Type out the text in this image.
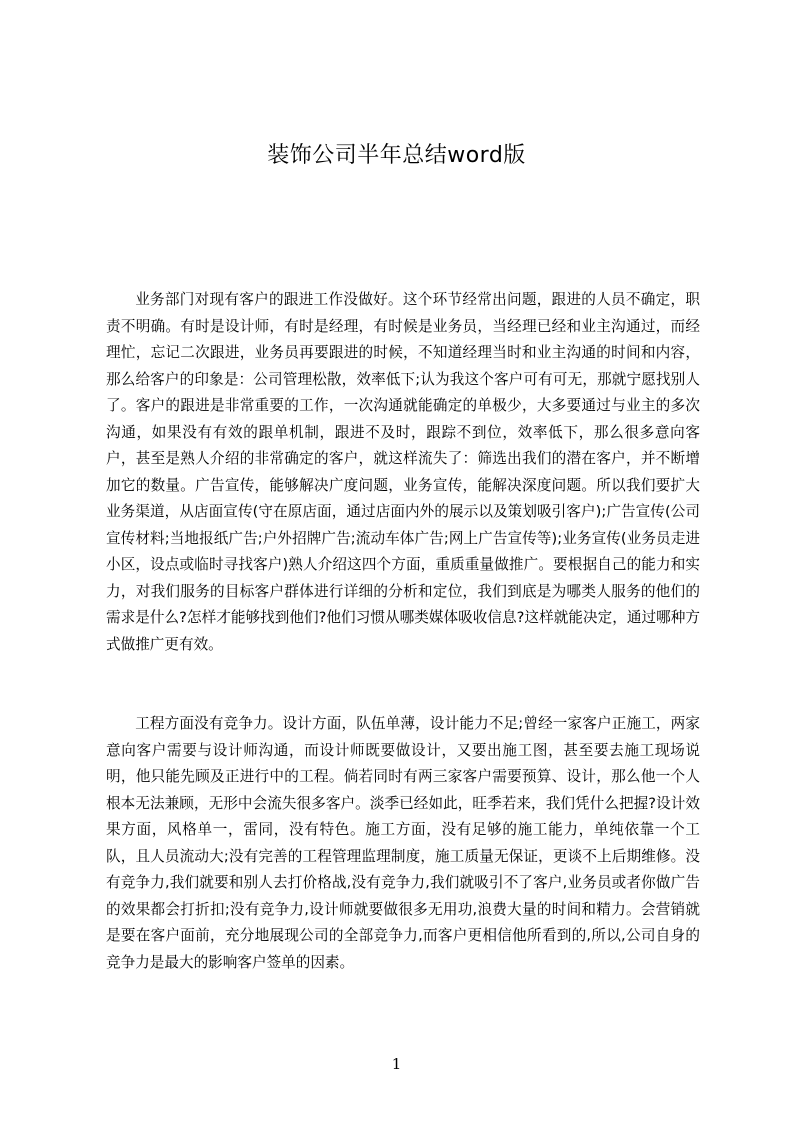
装饰公司半年总结word版

业务部门对现有客户的跟进工作没做好。这个环节经常出问题，跟进的人员不确定，职责不明确。有时是设计师，有时是经理，有时候是业务员，当经理已经和业主沟通过，而经理忙，忘记二次跟进，业务员再要跟进的时候，不知道经理当时和业主沟通的时间和内容，那么给客户的印象是：公司管理松散，效率低下;认为我这个客户可有可无，那就宁愿找别人了。客户的跟进是非常重要的工作，一次沟通就能确定的单极少，大多要通过与业主的多次沟通，如果没有有效的跟单机制，跟进不及时，跟踪不到位，效率低下，那么很多意向客户，甚至是熟人介绍的非常确定的客户，就这样流失了：筛选出我们的潜在客户，并不断增加它的数量。广告宣传，能够解决广度问题，业务宣传，能解决深度问题。所以我们要扩大业务渠道，从店面宣传(守在原店面，通过店面内外的展示以及策划吸引客户);广告宣传(公司宣传材料;当地报纸广告;户外招牌广告;流动车体广告;网上广告宣传等);业务宣传(业务员走进小区，设点或临时寻找客户)熟人介绍这四个方面，重质重量做推广。要根据自己的能力和实力，对我们服务的目标客户群体进行详细的分析和定位，我们到底是为哪类人服务的他们的需求是什么?怎样才能够找到他们?他们习惯从哪类媒体吸收信息?这样就能决定，通过哪种方式做推广更有效。

工程方面没有竞争力。设计方面，队伍单薄，设计能力不足;曾经一家客户正施工，两家意向客户需要与设计师沟通，而设计师既要做设计，又要出施工图，甚至要去施工现场说明，他只能先顾及正进行中的工程。倘若同时有两三家客户需要预算、设计，那么他一个人根本无法兼顾，无形中会流失很多客户。淡季已经如此，旺季若来，我们凭什么把握?设计效果方面，风格单一，雷同，没有特色。施工方面，没有足够的施工能力，单纯依靠一个工队，且人员流动大;没有完善的工程管理监理制度，施工质量无保证，更谈不上后期维修。没有竞争力,我们就要和别人去打价格战,没有竞争力,我们就吸引不了客户,业务员或者你做广告的效果都会打折扣;没有竞争力,设计师就要做很多无用功,浪费大量的时间和精力。会营销就是要在客户面前，充分地展现公司的全部竞争力,而客户更相信他所看到的,所以,公司自身的竞争力是最大的影响客户签单的因素。

1
